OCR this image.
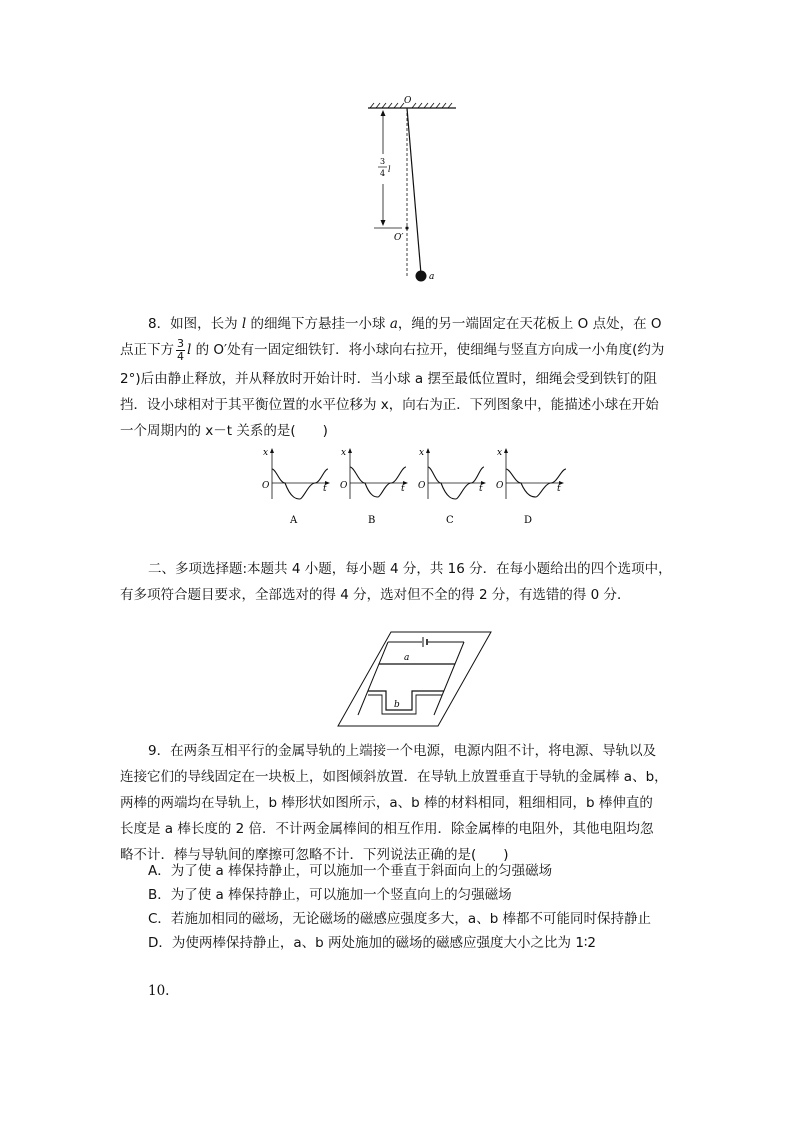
O
3
4 l
O′
a
8．如图，长为 l 的细绳下方悬挂一小球 a，绳的另一端固定在天花板上 O 点处，在 O
点正下方 $\frac{3}{4}$ l 的 O′处有一固定细铁钉．将小球向右拉开，使细绳与竖直方向成一小角度(约为
2°)后由静止释放，并从释放时开始计时．当小球 a 摆至最低位置时，细绳会受到铁钉的阻
挡．设小球相对于其平衡位置的水平位移为 x，向右为正．下列图象中，能描述小球在开始
一个周期内的 x－t 关系的是(　　)
x
O	t
A
x
O	t
B
x
O	t
C
x
O	t
D
二、多项选择题:本题共 4 小题，每小题 4 分，共 16 分．在每小题给出的四个选项中，
有多项符合题目要求，全部选对的得 4 分，选对但不全的得 2 分，有选错的得 0 分．
a
b
9．在两条互相平行的金属导轨的上端接一个电源，电源内阻不计，将电源、导轨以及
连接它们的导线固定在一块板上，如图倾斜放置．在导轨上放置垂直于导轨的金属棒 a、b，
两棒的两端均在导轨上，b 棒形状如图所示，a、b 棒的材料相同，粗细相同，b 棒伸直的
长度是 a 棒长度的 2 倍．不计两金属棒间的相互作用．除金属棒的电阻外，其他电阻均忽
略不计．棒与导轨间的摩擦可忽略不计．下列说法正确的是(　　)
A．为了使 a 棒保持静止，可以施加一个垂直于斜面向上的匀强磁场
B．为了使 a 棒保持静止，可以施加一个竖直向上的匀强磁场
C．若施加相同的磁场，无论磁场的磁感应强度多大，a、b 棒都不可能同时保持静止
D．为使两棒保持静止，a、b 两处施加的磁场的磁感应强度大小之比为 1∶2
10.
